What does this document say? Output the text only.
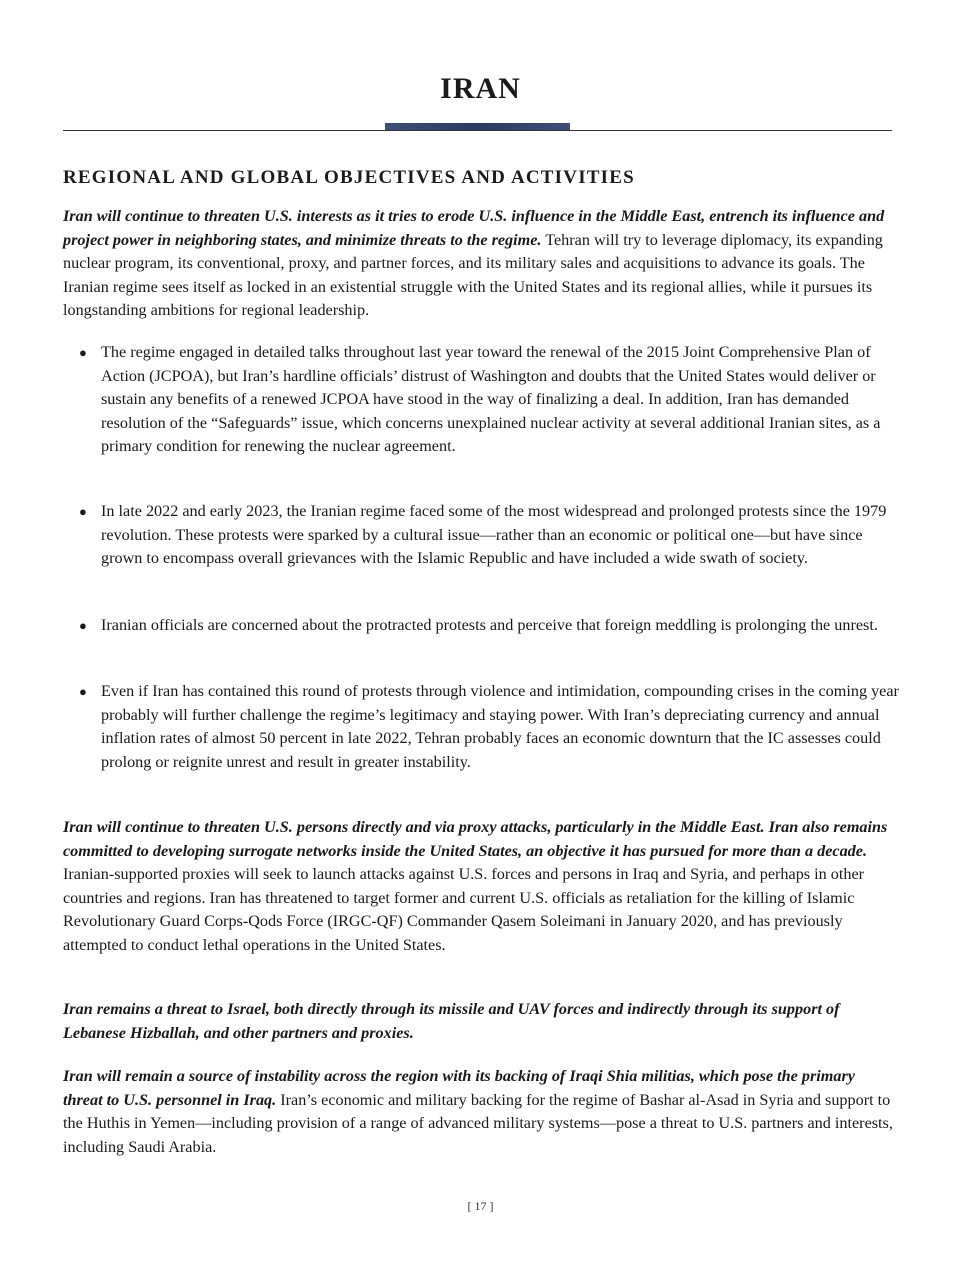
IRAN
REGIONAL AND GLOBAL OBJECTIVES AND ACTIVITIES

Iran will continue to threaten U.S. interests as it tries to erode U.S. influence in the Middle East, entrench its influence and project power in neighboring states, and minimize threats to the regime. Tehran will try to leverage diplomacy, its expanding nuclear program, its conventional, proxy, and partner forces, and its military sales and acquisitions to advance its goals. The Iranian regime sees itself as locked in an existential struggle with the United States and its regional allies, while it pursues its longstanding ambitions for regional leadership.

● The regime engaged in detailed talks throughout last year toward the renewal of the 2015 Joint Comprehensive Plan of Action (JCPOA), but Iran’s hardline officials’ distrust of Washington and doubts that the United States would deliver or sustain any benefits of a renewed JCPOA have stood in the way of finalizing a deal. In addition, Iran has demanded resolution of the “Safeguards” issue, which concerns unexplained nuclear activity at several additional Iranian sites, as a primary condition for renewing the nuclear agreement.
● In late 2022 and early 2023, the Iranian regime faced some of the most widespread and prolonged protests since the 1979 revolution. These protests were sparked by a cultural issue—rather than an economic or political one—but have since grown to encompass overall grievances with the Islamic Republic and have included a wide swath of society.
● Iranian officials are concerned about the protracted protests and perceive that foreign meddling is prolonging the unrest.
● Even if Iran has contained this round of protests through violence and intimidation, compounding crises in the coming year probably will further challenge the regime’s legitimacy and staying power. With Iran’s depreciating currency and annual inflation rates of almost 50 percent in late 2022, Tehran probably faces an economic downturn that the IC assesses could prolong or reignite unrest and result in greater instability.

Iran will continue to threaten U.S. persons directly and via proxy attacks, particularly in the Middle East. Iran also remains committed to developing surrogate networks inside the United States, an objective it has pursued for more than a decade. Iranian-supported proxies will seek to launch attacks against U.S. forces and persons in Iraq and Syria, and perhaps in other countries and regions. Iran has threatened to target former and current U.S. officials as retaliation for the killing of Islamic Revolutionary Guard Corps-Qods Force (IRGC-QF) Commander Qasem Soleimani in January 2020, and has previously attempted to conduct lethal operations in the United States.

Iran remains a threat to Israel, both directly through its missile and UAV forces and indirectly through its support of Lebanese Hizballah, and other partners and proxies.

Iran will remain a source of instability across the region with its backing of Iraqi Shia militias, which pose the primary threat to U.S. personnel in Iraq. Iran’s economic and military backing for the regime of Bashar al-Asad in Syria and support to the Huthis in Yemen—including provision of a range of advanced military systems—pose a threat to U.S. partners and interests, including Saudi Arabia.

[ 17 ]
